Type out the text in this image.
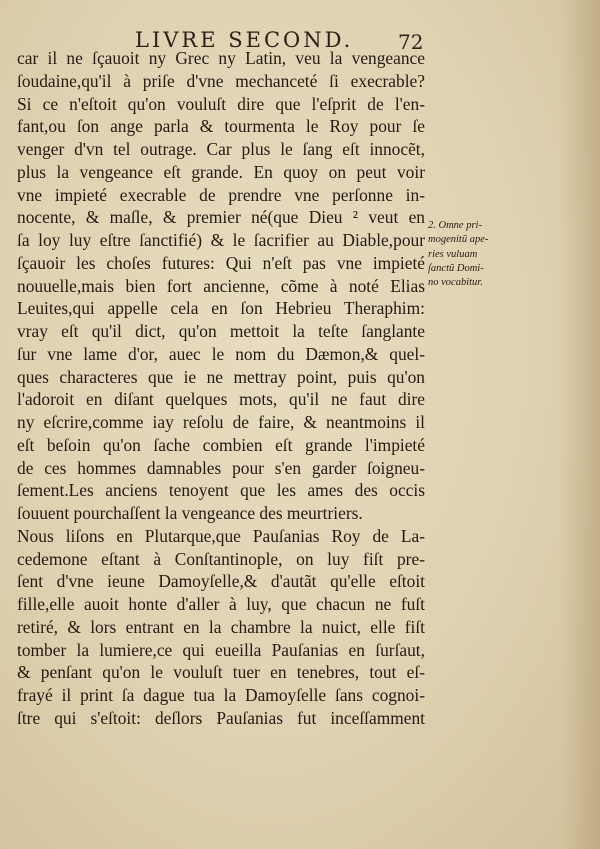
LIVRE SECOND. 72
car il ne ſçauoit ny Grec ny Latin, veu la vengeance
ſoudaine,qu'il à priſe d'vne mechanceté ſi execrable?
Si ce n'eſtoit qu'on vouluſt dire que l'eſprit de l'en-
fant,ou ſon ange parla & tourmenta le Roy pour ſe
venger d'vn tel outrage. Car plus le ſang eſt innocẽt,
plus la vengeance eſt grande. En quoy on peut voir
vne impieté execrable de prendre vne perſonne in-
nocente, & maſle, & premier né(que Dieu ² veut en
ſa loy luy eſtre ſanctifié) & le ſacrifier au Diable,pour
ſçauoir les choſes futures: Qui n'eſt pas vne impieté
nouuelle,mais bien fort ancienne, cõme à noté Elias
Leuites,qui appelle cela en ſon Hebrieu Theraphim:
vray eſt qu'il dict, qu'on mettoit la teſte ſanglante
ſur vne lame d'or, auec le nom du Dæmon,& quel-
ques characteres que ie ne mettray point, puis qu'on
l'adoroit en diſant quelques mots, qu'il ne faut dire
ny eſcrire,comme iay reſolu de faire, & neantmoins il
eſt beſoin qu'on ſache combien eſt grande l'impieté
de ces hommes damnables pour s'en garder ſoigneu-
ſement.Les anciens tenoyent que les ames des occis
ſouuent pourchaſſent la vengeance des meurtriers.
Nous liſons en Plutarque,que Pauſanias Roy de La-
cedemone eſtant à Conſtantinople, on luy fiſt pre-
ſent d'vne ieune Damoyſelle,& d'autãt qu'elle eſtoit
fille,elle auoit honte d'aller à luy, que chacun ne fuſt
retiré, & lors entrant en la chambre la nuict, elle fiſt
tomber la lumiere,ce qui eueilla Pauſanias en ſurſaut,
& penſant qu'on le vouluſt tuer en tenebres, tout eſ-
frayé il print ſa dague tua la Damoyſelle ſans cognoi-
ſtre qui s'eſtoit: deſlors Pauſanias fut inceſſamment
2. Omne pri-
mogenitũ ape-
ries vuluam
ſanctũ Domi-
no vocabitur.
